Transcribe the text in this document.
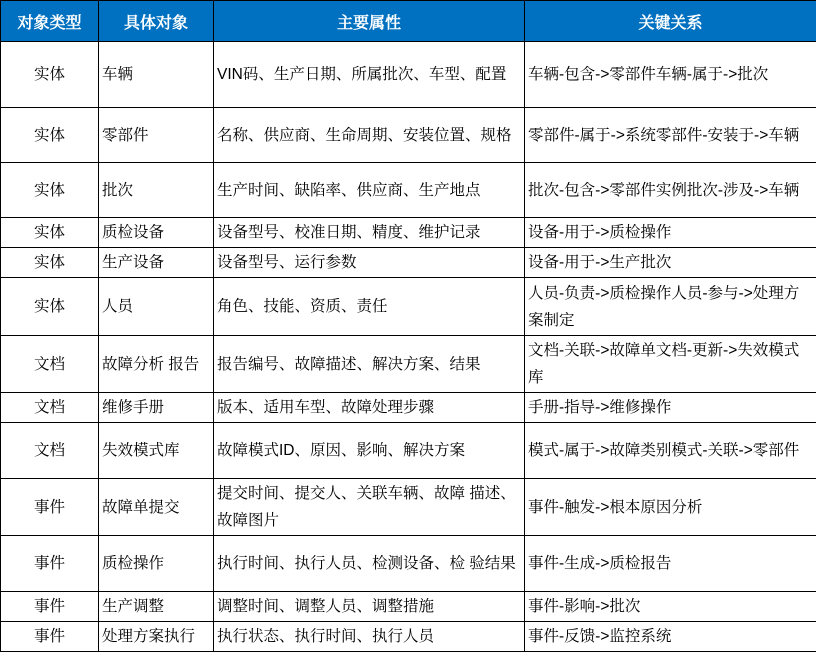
对象类型	具体对象	主要属性	关键关系
实体	车辆	VIN码、生产日期、所属批次、车型、配置	车辆-包含->零部件车辆-属于->批次
实体	零部件	名称、供应商、生命周期、安装位置、规格	零部件-属于->系统零部件-安装于->车辆
实体	批次	生产时间、缺陷率、供应商、生产地点	批次-包含->零部件实例批次-涉及->车辆
实体	质检设备	设备型号、校准日期、精度、维护记录	设备-用于->质检操作
实体	生产设备	设备型号、运行参数	设备-用于->生产批次
实体	人员	角色、技能、资质、责任	人员-负责->质检操作人员-参与->处理方案制定
文档	故障分析 报告	报告编号、故障描述、解决方案、结果	文档-关联->故障单文档-更新->失效模式库
文档	维修手册	版本、适用车型、故障处理步骤	手册-指导->维修操作
文档	失效模式库	故障模式ID、原因、影响、解决方案	模式-属于->故障类别模式-关联->零部件
事件	故障单提交	提交时间、提交人、关联车辆、故障 描述、故障图片	事件-触发->根本原因分析
事件	质检操作	执行时间、执行人员、检测设备、检 验结果	事件-生成->质检报告
事件	生产调整	调整时间、调整人员、调整措施	事件-影响->批次
事件	处理方案执行	执行状态、执行时间、执行人员	事件-反馈->监控系统
